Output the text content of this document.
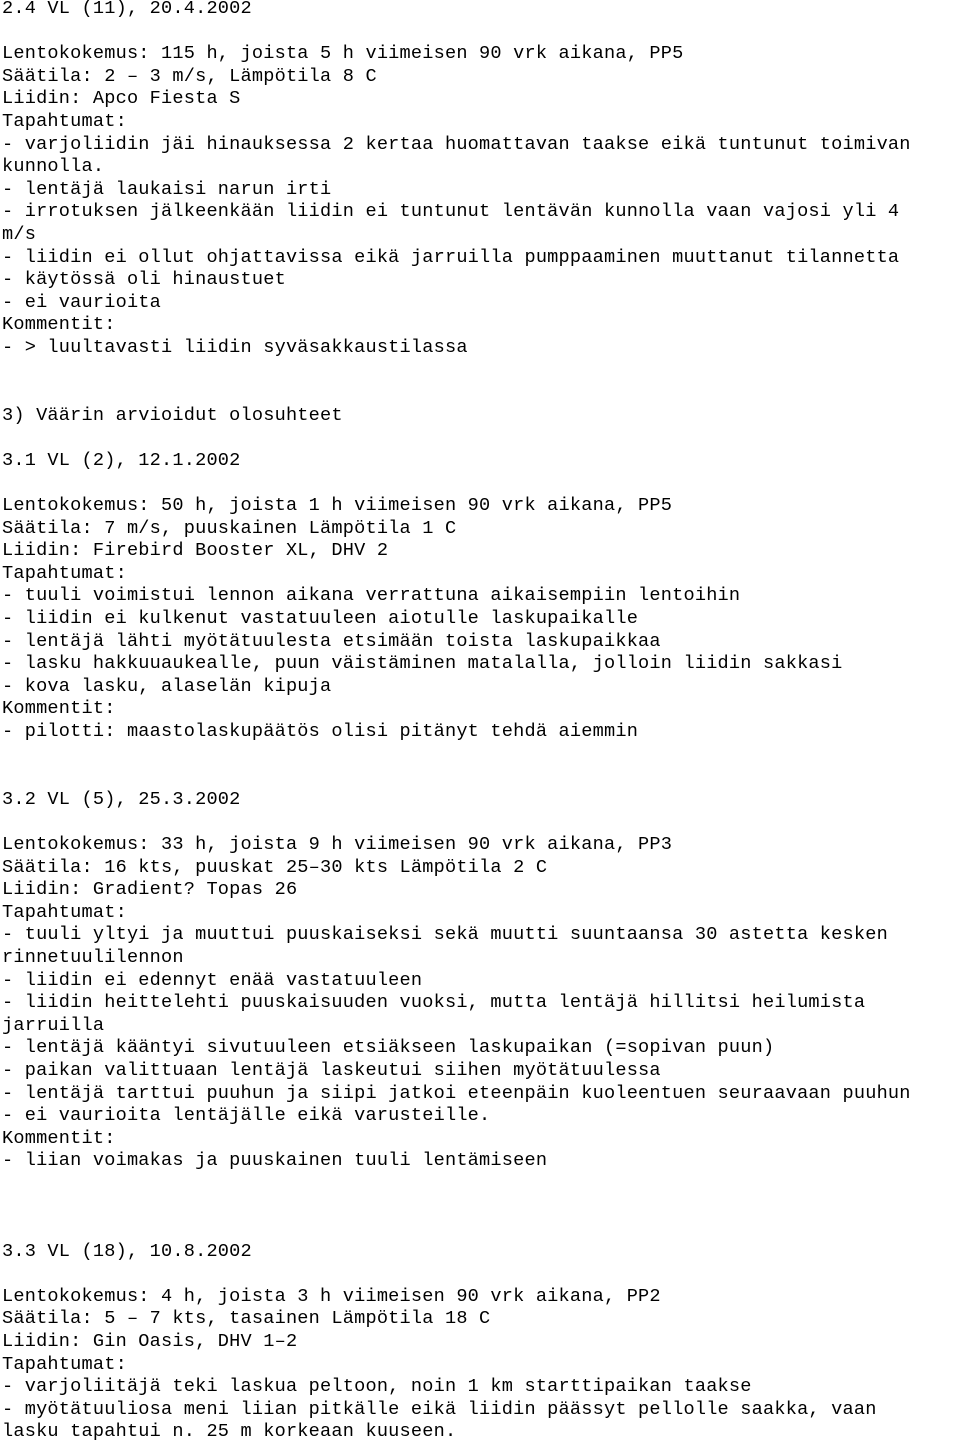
2.4 VL (11), 20.4.2002
Lentokokemus: 115 h, joista 5 h viimeisen 90 vrk aikana, PP5
Säätila: 2 – 3 m/s, Lämpötila 8 C
Liidin: Apco Fiesta S
Tapahtumat:
- varjoliidin jäi hinauksessa 2 kertaa huomattavan taakse eikä tuntunut toimivan
kunnolla.
- lentäjä laukaisi narun irti
- irrotuksen jälkeenkään liidin ei tuntunut lentävän kunnolla vaan vajosi yli 4
m/s
- liidin ei ollut ohjattavissa eikä jarruilla pumppaaminen muuttanut tilannetta
- käytössä oli hinaustuet
- ei vaurioita
Kommentit:
- > luultavasti liidin syväsakkaustilassa
3) Väärin arvioidut olosuhteet
3.1 VL (2), 12.1.2002
Lentokokemus: 50 h, joista 1 h viimeisen 90 vrk aikana, PP5
Säätila: 7 m/s, puuskainen Lämpötila 1 C
Liidin: Firebird Booster XL, DHV 2
Tapahtumat:
- tuuli voimistui lennon aikana verrattuna aikaisempiin lentoihin
- liidin ei kulkenut vastatuuleen aiotulle laskupaikalle
- lentäjä lähti myötätuulesta etsimään toista laskupaikkaa
- lasku hakkuuaukealle, puun väistäminen matalalla, jolloin liidin sakkasi
- kova lasku, alaselän kipuja
Kommentit:
- pilotti: maastolaskupäätös olisi pitänyt tehdä aiemmin
3.2 VL (5), 25.3.2002
Lentokokemus: 33 h, joista 9 h viimeisen 90 vrk aikana, PP3
Säätila: 16 kts, puuskat 25–30 kts Lämpötila 2 C
Liidin: Gradient? Topas 26
Tapahtumat:
- tuuli yltyi ja muuttui puuskaiseksi sekä muutti suuntaansa 30 astetta kesken
rinnetuulilennon
- liidin ei edennyt enää vastatuuleen
- liidin heittelehti puuskaisuuden vuoksi, mutta lentäjä hillitsi heilumista
jarruilla
- lentäjä kääntyi sivutuuleen etsiäkseen laskupaikan (=sopivan puun)
- paikan valittuaan lentäjä laskeutui siihen myötätuulessa
- lentäjä tarttui puuhun ja siipi jatkoi eteenpäin kuoleentuen seuraavaan puuhun
- ei vaurioita lentäjälle eikä varusteille.
Kommentit:
- liian voimakas ja puuskainen tuuli lentämiseen
3.3 VL (18), 10.8.2002
Lentokokemus: 4 h, joista 3 h viimeisen 90 vrk aikana, PP2
Säätila: 5 – 7 kts, tasainen Lämpötila 18 C
Liidin: Gin Oasis, DHV 1–2
Tapahtumat:
- varjoliitäjä teki laskua peltoon, noin 1 km starttipaikan taakse
- myötätuuliosa meni liian pitkälle eikä liidin päässyt pellolle saakka, vaan
lasku tapahtui n. 25 m korkeaan kuuseen.
